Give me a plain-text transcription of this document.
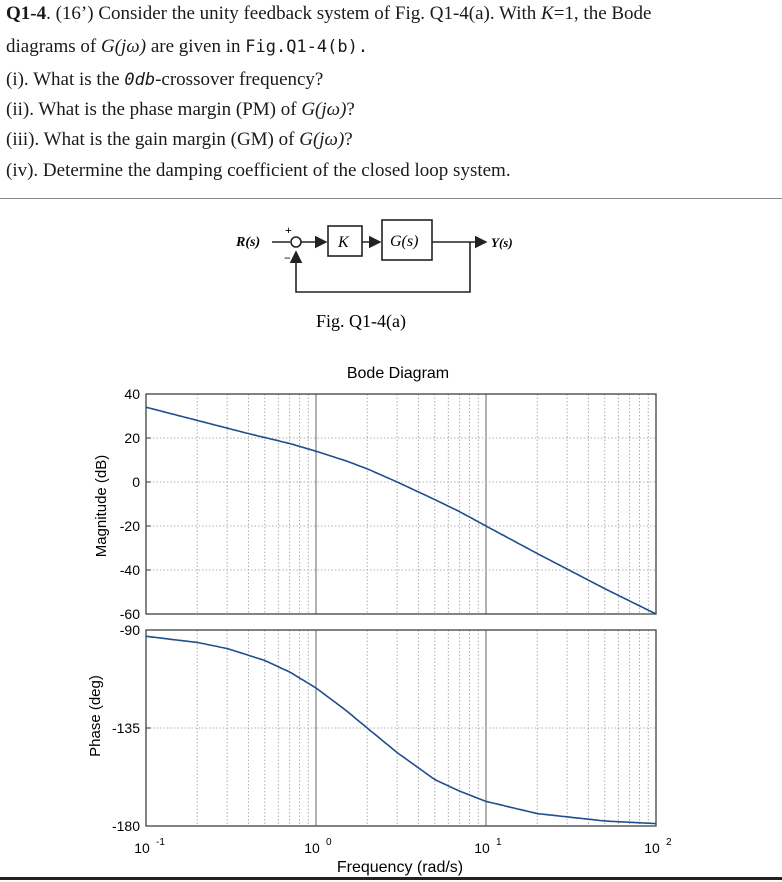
Q1-4. (16’) Consider the unity feedback system of Fig. Q1-4(a). With K=1, the Bode
diagrams of G(jω) are given in Fig.Q1-4(b).
(i). What is the 0db-crossover frequency?
(ii). What is the phase margin (PM) of G(jω)?
(iii). What is the gain margin (GM) of G(jω)?
(iv). Determine the damping coefficient of the closed loop system.
R(s)
+
−
K	G(s)	Y(s)
Fig. Q1-4(a)
Bode Diagram
40
20
0
-20
-40
-60
-90
-135
-180
10 -1	10 0	10 1	10 2
Magnitude (dB)
Phase (deg)
Frequency (rad/s)
